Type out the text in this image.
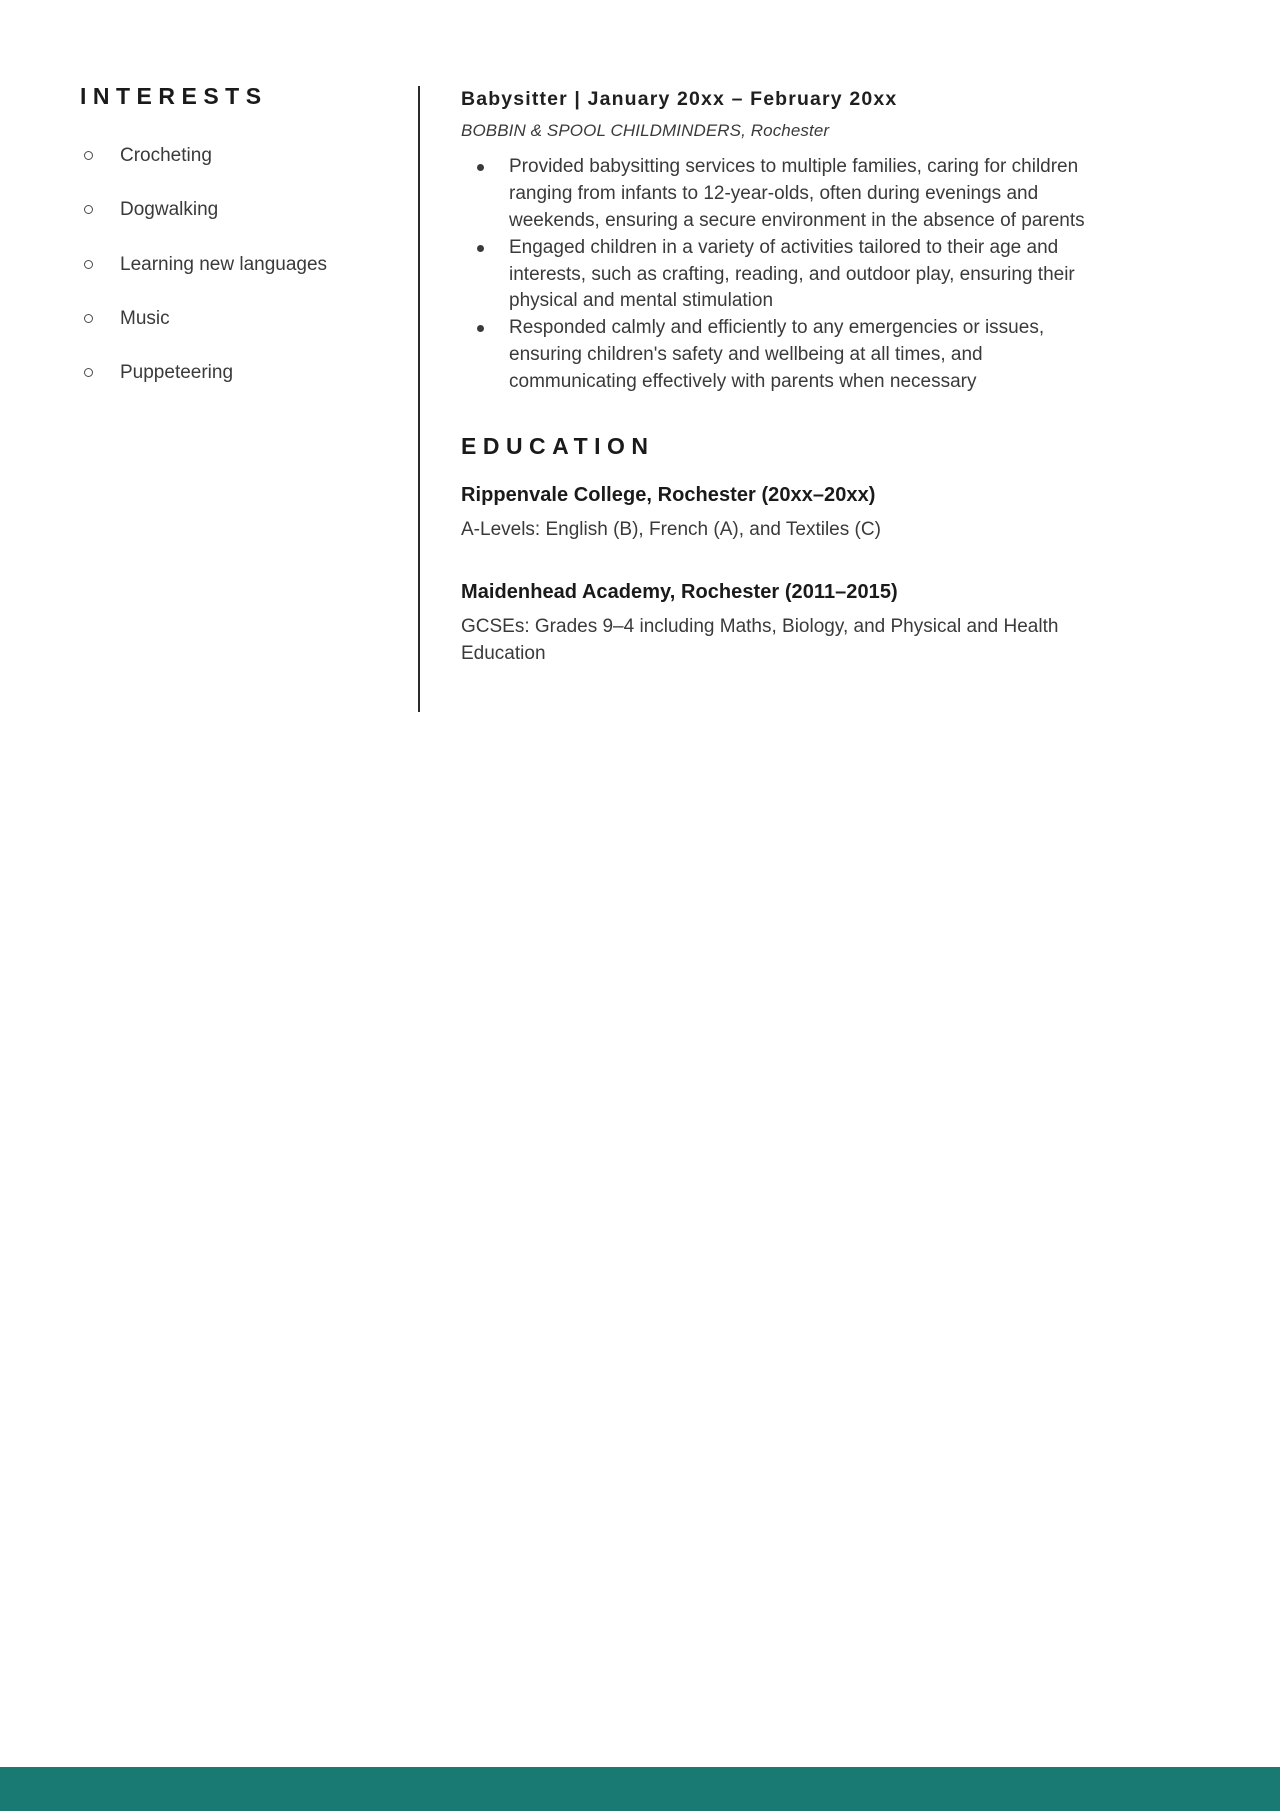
INTERESTS
Crocheting
Dogwalking
Learning new languages
Music
Puppeteering
Babysitter | January 20xx – February 20xx
BOBBIN & SPOOL CHILDMINDERS, Rochester
Provided babysitting services to multiple families, caring for children ranging from infants to 12-year-olds, often during evenings and weekends, ensuring a secure environment in the absence of parents
Engaged children in a variety of activities tailored to their age and interests, such as crafting, reading, and outdoor play, ensuring their physical and mental stimulation
Responded calmly and efficiently to any emergencies or issues, ensuring children's safety and wellbeing at all times, and communicating effectively with parents when necessary
EDUCATION
Rippenvale College, Rochester (20xx–20xx)
A-Levels: English (B), French (A), and Textiles (C)
Maidenhead Academy, Rochester (2011–2015)
GCSEs: Grades 9–4 including Maths, Biology, and Physical and Health Education
